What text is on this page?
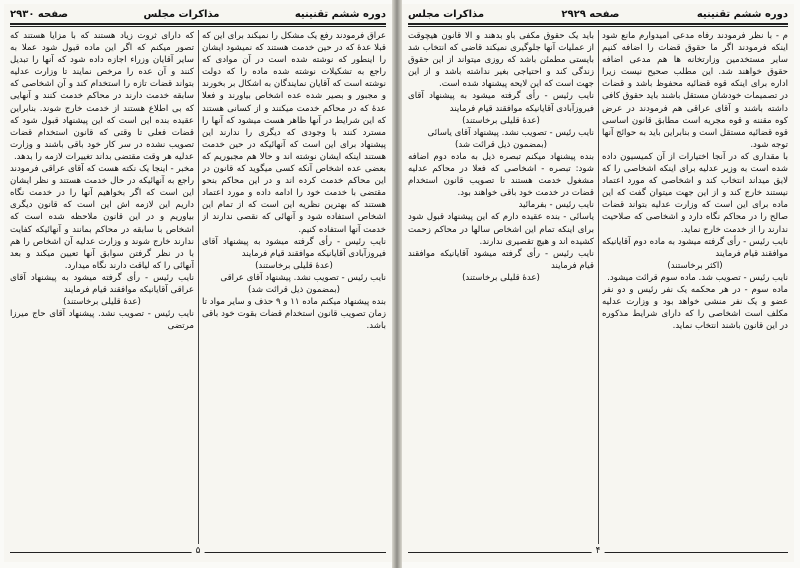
دوره ششم تقنینیه
مذاکرات مجلس
صفحه ۲۹۳۰

عراق فرمودند رفع یک مشکل را نمیکند برای این که قبلا عدهٔ که در حین خدمت هستند که نمیشود ایشان را اینطور که نوشته شده است در آن موادی که راجع به تشکیلات نوشته شده ماده را که دولت نوشته است که آقایان نمایندگان به اشکال بر بخورند و مجبور و بصیر شده عده اشخاص بیاورند و فعلا عدهٔ که در محاکم خدمت میکنند و از کسانی هستند که این شرایط در آنها ظاهر هست میشود که آنها را مسترد کنند با وجودی که دیگری را ندارند این پیشنهاد برای این است که آنهائیکه در حین خدمت هستند اینکه ایشان نوشته اند و حالا هم مجبوریم که بعضی عده اشخاص آنکه کسی میگوید که قانون در این محاکم خدمت کرده اند و در این محاکم بنحو مقتضی با خدمت خود را ادامه داده و مورد اعتماد هستند که بهترین نظریه این است که از تمام این اشخاص استفاده شود و آنهائی که نقصی ندارند از خدمت آنها استفاده کنیم.

نایب رئیس - رأی گرفته میشود به پیشنهاد آقای فیروزآبادی آقایانیکه موافقند قیام فرمایند

(عدهٔ قلیلی برخاستند)

نایب رئیس - تصویب نشد. پیشنهاد آقای عراقی

(بمضمون ذیل قرائت شد)

بنده پیشنهاد میکنم ماده ۱۱ و ۹ حذف و سایر مواد تا زمان تصویب قانون استخدام قضات بقوت خود باقی باشد.

که دارای ثروت زیاد هستند که با مزایا هستند که تصور میکنم که اگر این ماده قبول شود عملا به سایر آقایان وزراء اجازه داده شود که آنها را تبدیل کنند و آن عده را مرخص نمایند تا وزارت عدلیه بتواند قضات تازه را استخدام کند و آن اشخاصی که سابقه خدمت دارند در محاکم خدمت کنند و آنهایی که بی اطلاع هستند از خدمت خارج شوند. بنابراین عقیده بنده این است که این پیشنهاد قبول شود که قضات فعلی تا وقتی که قانون استخدام قضات تصویب نشده در سر کار خود باقی باشند و وزارت عدلیه هر وقت مقتضی بداند تغییرات لازمه را بدهد.

مخبر - اینجا یک نکته هست که آقای عراقی فرمودند راجع به آنهائیکه در حال خدمت هستند و نظر ایشان این است که اگر بخواهیم آنها را در خدمت نگاه داریم این لازمه اش این است که قانون دیگری بیاوریم و در این قانون ملاحظه شده است که اشخاص با سابقه در محاکم بمانند و آنهائیکه کفایت ندارند خارج شوند و وزارت عدلیه آن اشخاص را هم با در نظر گرفتن سوابق آنها تعیین میکند و بعد آنهائی را که لیاقت دارند نگاه میدارد.

نایب رئیس - رأی گرفته میشود به پیشنهاد آقای عراقی آقایانیکه موافقند قیام فرمایند

(عدهٔ قلیلی برخاستند)

نایب رئیس - تصویب نشد. پیشنهاد آقای حاج میرزا مرتضی

۵
دوره ششم تقنینیه
صفحه ۲۹۲۹
مذاکرات مجلس

م - با نظر فرمودند رفاه مدعی امیدوارم مانع شود اینکه فرمودند اگر ما حقوق قضات را اضافه کنیم سایر مستخدمین وزارتخانه ها هم مدعی اضافه حقوق خواهند شد. این مطلب صحیح نیست زیرا اداره برای اینکه قوه قضائیه محفوظ باشد و قضات در تصمیمات خودشان مستقل باشند باید حقوق کافی داشته باشند و آقای عراقی هم فرمودند در عرض کوه مقننه و قوه مجریه است مطابق قانون اساسی قوه قضائیه مستقل است و بنابراین باید به حوائج آنها توجه شود.

با مقداری که در آنجا اختیارات از آن کمیسیون داده شده است به وزیر عدلیه برای اینکه اشخاصی را که لایق میداند انتخاب کند و اشخاصی که مورد اعتماد نیستند خارج کند و از این جهت میتوان گفت که این ماده برای این است که وزارت عدلیه بتواند قضات صالح را در محاکم نگاه دارد و اشخاصی که صلاحیت ندارند را از خدمت خارج نماید.

نایب رئیس - رأی گرفته میشود به ماده دوم آقایانیکه موافقند قیام فرمایند

(اکثر برخاستند)

نایب رئیس - تصویب شد. ماده سوم قرائت میشود.

ماده سوم - در هر محکمه یک نفر رئیس و دو نفر عضو و یک نفر منشی خواهد بود و وزارت عدلیه مکلف است اشخاصی را که دارای شرایط مذکوره در این قانون باشند انتخاب نماید.

باید یک حقوق مکفی باو بدهند و الا قانون هیچوقت از عملیات آنها جلوگیری نمیکند قاضی که انتخاب شد بایستی مطمئن باشد که روزی میتواند از این حقوق زندگی کند و احتیاجی بغیر نداشته باشد و از این جهت است که این لایحه پیشنهاد شده است.

نایب رئیس - رأی گرفته میشود به پیشنهاد آقای فیروزآبادی آقایانیکه موافقند قیام فرمایند

(عدهٔ قلیلی برخاستند)

نایب رئیس - تصویب نشد. پیشنهاد آقای یاسائی

(بمضمون ذیل قرائت شد)

بنده پیشنهاد میکنم تبصره ذیل به ماده دوم اضافه شود: تبصره - اشخاصی که فعلا در محاکم عدلیه مشغول خدمت هستند تا تصویب قانون استخدام قضات در خدمت خود باقی خواهند بود.

نایب رئیس - بفرمائید

یاسائی - بنده عقیده دارم که این پیشنهاد قبول شود برای اینکه تمام این اشخاص سالها در محاکم زحمت کشیده اند و هیچ تقصیری ندارند.

نایب رئیس - رأی گرفته میشود آقایانیکه موافقند قیام فرمایند

(عدهٔ قلیلی برخاستند)

۴
